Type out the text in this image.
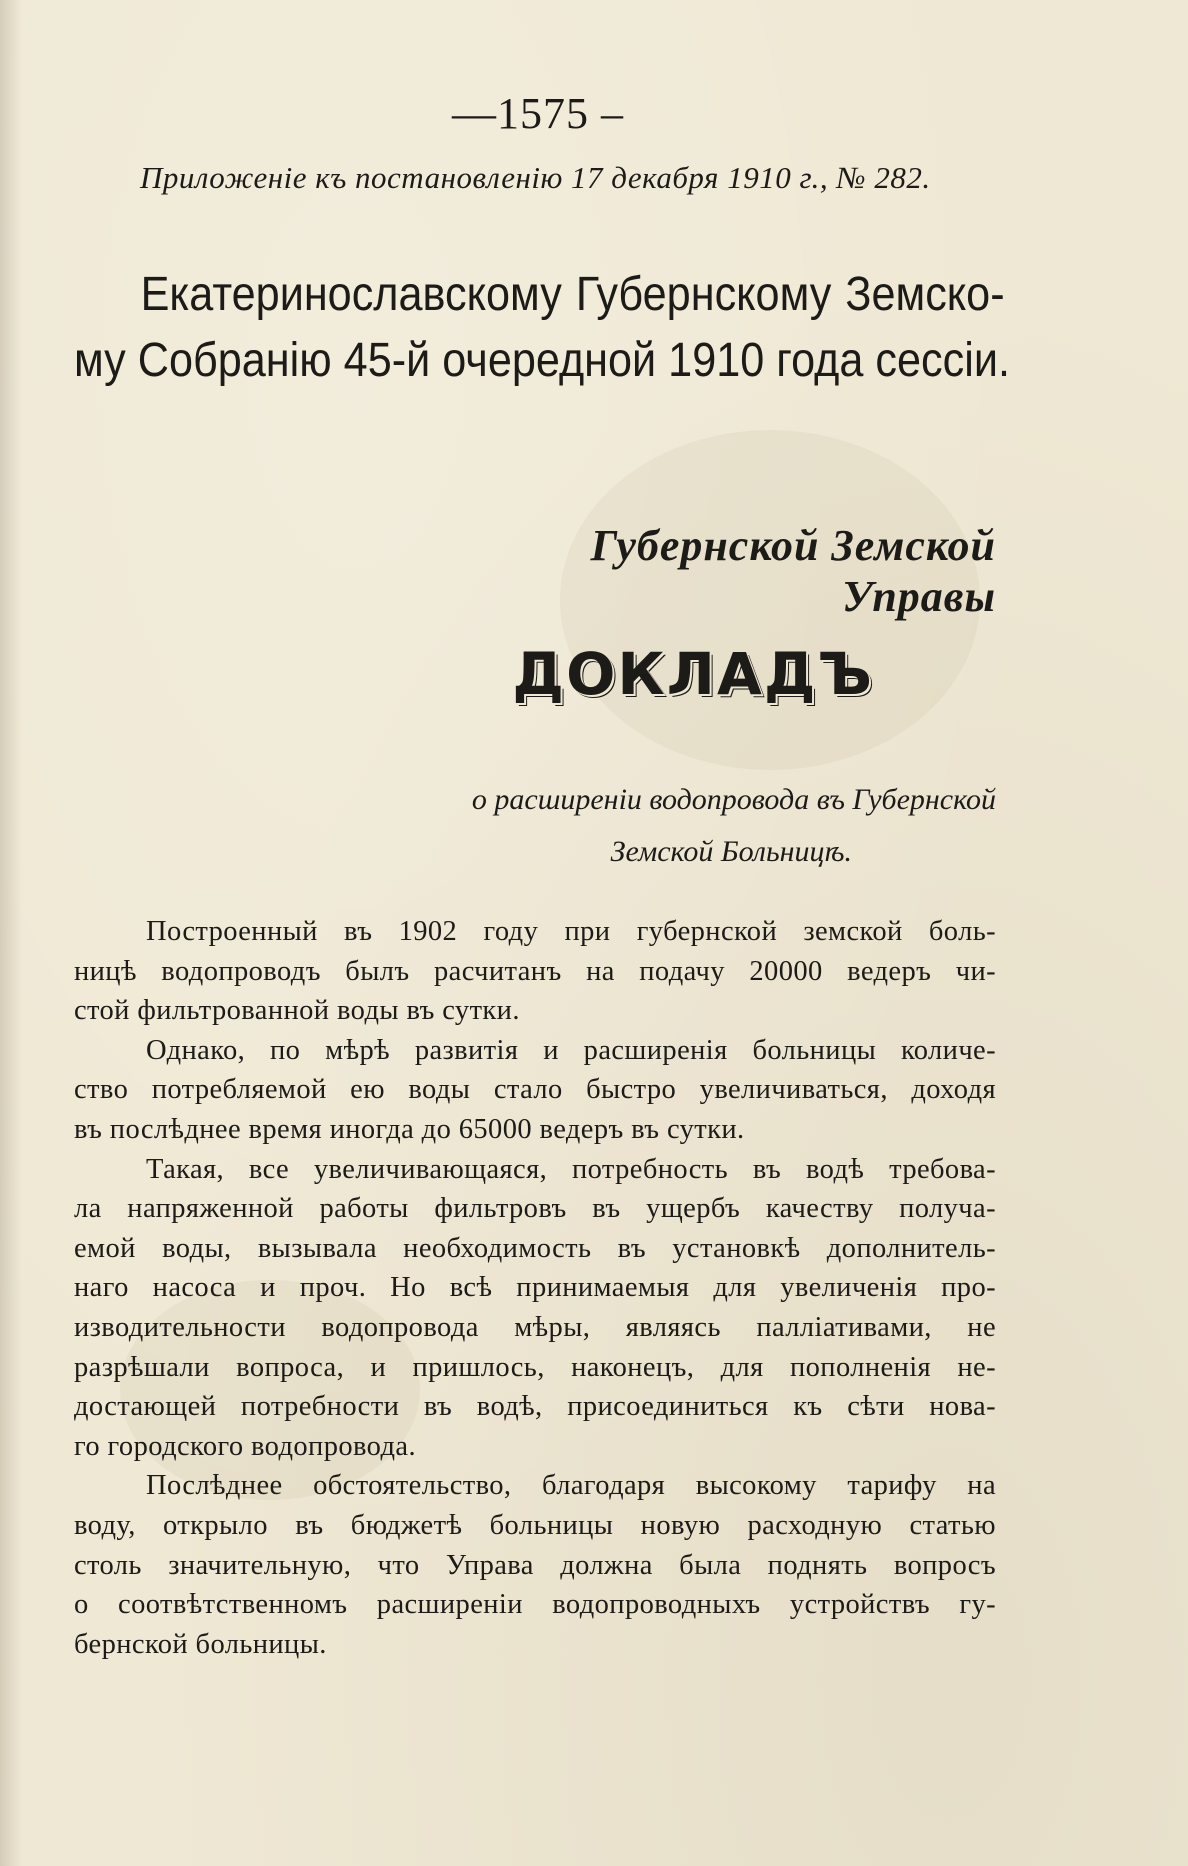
—1575 –
Приложенiе къ постановленiю 17 декабря 1910 г., № 282.
Екатеринославскому Губернскому Земско-
му Собранiю 45-й очередной 1910 года сессiи.
Губернской Земской Управы
ДОКЛАДЪ
о расширенiи водопровода въ Губернской
Земской Больницѣ.
Построенный въ 1902 году при губернской земской боль-
ницѣ водопроводъ былъ расчитанъ на подачу 20000 ведеръ чи-
стой фильтрованной воды въ сутки.
Однако, по мѣрѣ развитiя и расширенiя больницы количе-
ство потребляемой ею воды стало быстро увеличиваться, доходя
въ послѣднее время иногда до 65000 ведеръ въ сутки.
Такая, все увеличивающаяся, потребность въ водѣ требова-
ла напряженной работы фильтровъ въ ущербъ качеству получа-
емой воды, вызывала необходимость въ установкѣ дополнитель-
наго насоса и проч. Но всѣ принимаемыя для увеличенiя про-
изводительности водопровода мѣры, являясь палліативами, не
разрѣшали вопроса, и пришлось, наконецъ, для пополненiя не-
достающей потребности въ водѣ, присоединиться къ сѣти нова-
го городского водопровода.
Послѣднее обстоятельство, благодаря высокому тарифу на
воду, открыло въ бюджетѣ больницы новую расходную статью
столь значительную, что Управа должна была поднять вопросъ
о соотвѣтственномъ расширенiи водопроводныхъ устройствъ гу-
бернской больницы.
